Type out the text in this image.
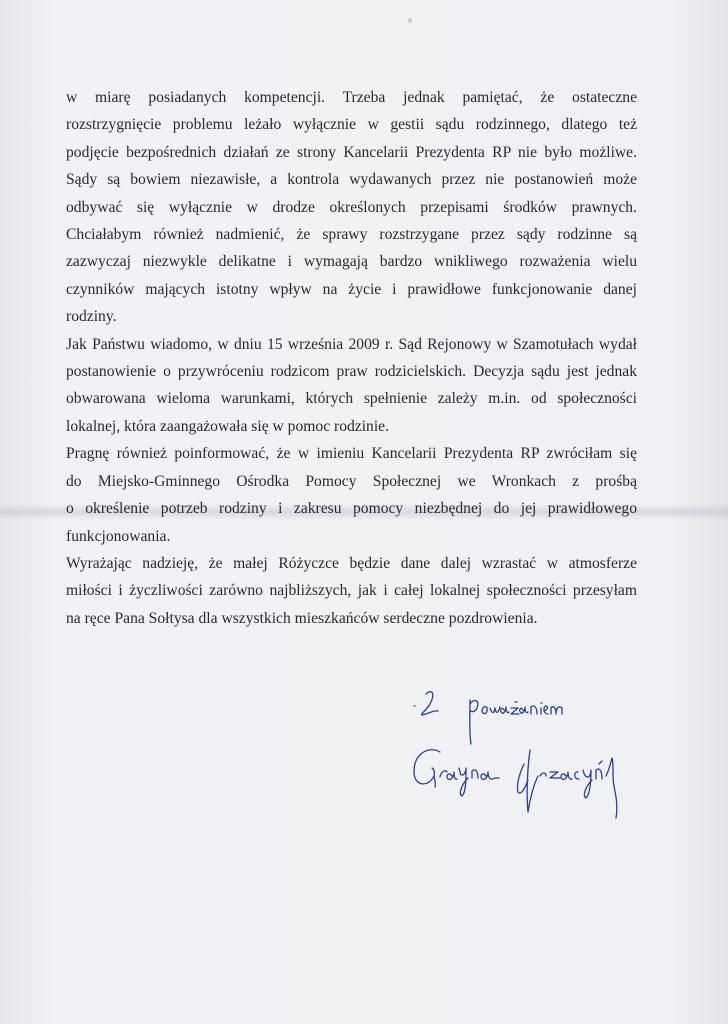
w miarę posiadanych kompetencji. Trzeba jednak pamiętać, że ostateczne
rozstrzygnięcie problemu leżało wyłącznie w gestii sądu rodzinnego, dlatego też
podjęcie bezpośrednich działań ze strony Kancelarii Prezydenta RP nie było możliwe.
Sądy są bowiem niezawisłe, a kontrola wydawanych przez nie postanowień może
odbywać się wyłącznie w drodze określonych przepisami środków prawnych.
Chciałabym również nadmienić, że sprawy rozstrzygane przez sądy rodzinne są
zazwyczaj niezwykle delikatne i wymagają bardzo wnikliwego rozważenia wielu
czynników mających istotny wpływ na życie i prawidłowe funkcjonowanie danej
rodziny.

Jak Państwu wiadomo, w dniu 15 września 2009 r. Sąd Rejonowy w Szamotułach wydał
postanowienie o przywróceniu rodzicom praw rodzicielskich. Decyzja sądu jest jednak
obwarowana wieloma warunkami, których spełnienie zależy m.in. od społeczności
lokalnej, która zaangażowała się w pomoc rodzinie.

Pragnę również poinformować, że w imieniu Kancelarii Prezydenta RP zwróciłam się
do Miejsko-Gminnego Ośrodka Pomocy Społecznej we Wronkach z prośbą
o określenie potrzeb rodziny i zakresu pomocy niezbędnej do jej prawidłowego
funkcjonowania.

Wyrażając nadzieję, że małej Różyczce będzie dane dalej wzrastać w atmosferze
miłości i życzliwości zarówno najbliższych, jak i całej lokalnej społeczności przesyłam
na ręce Pana Sołtysa dla wszystkich mieszkańców serdeczne pozdrowienia.
